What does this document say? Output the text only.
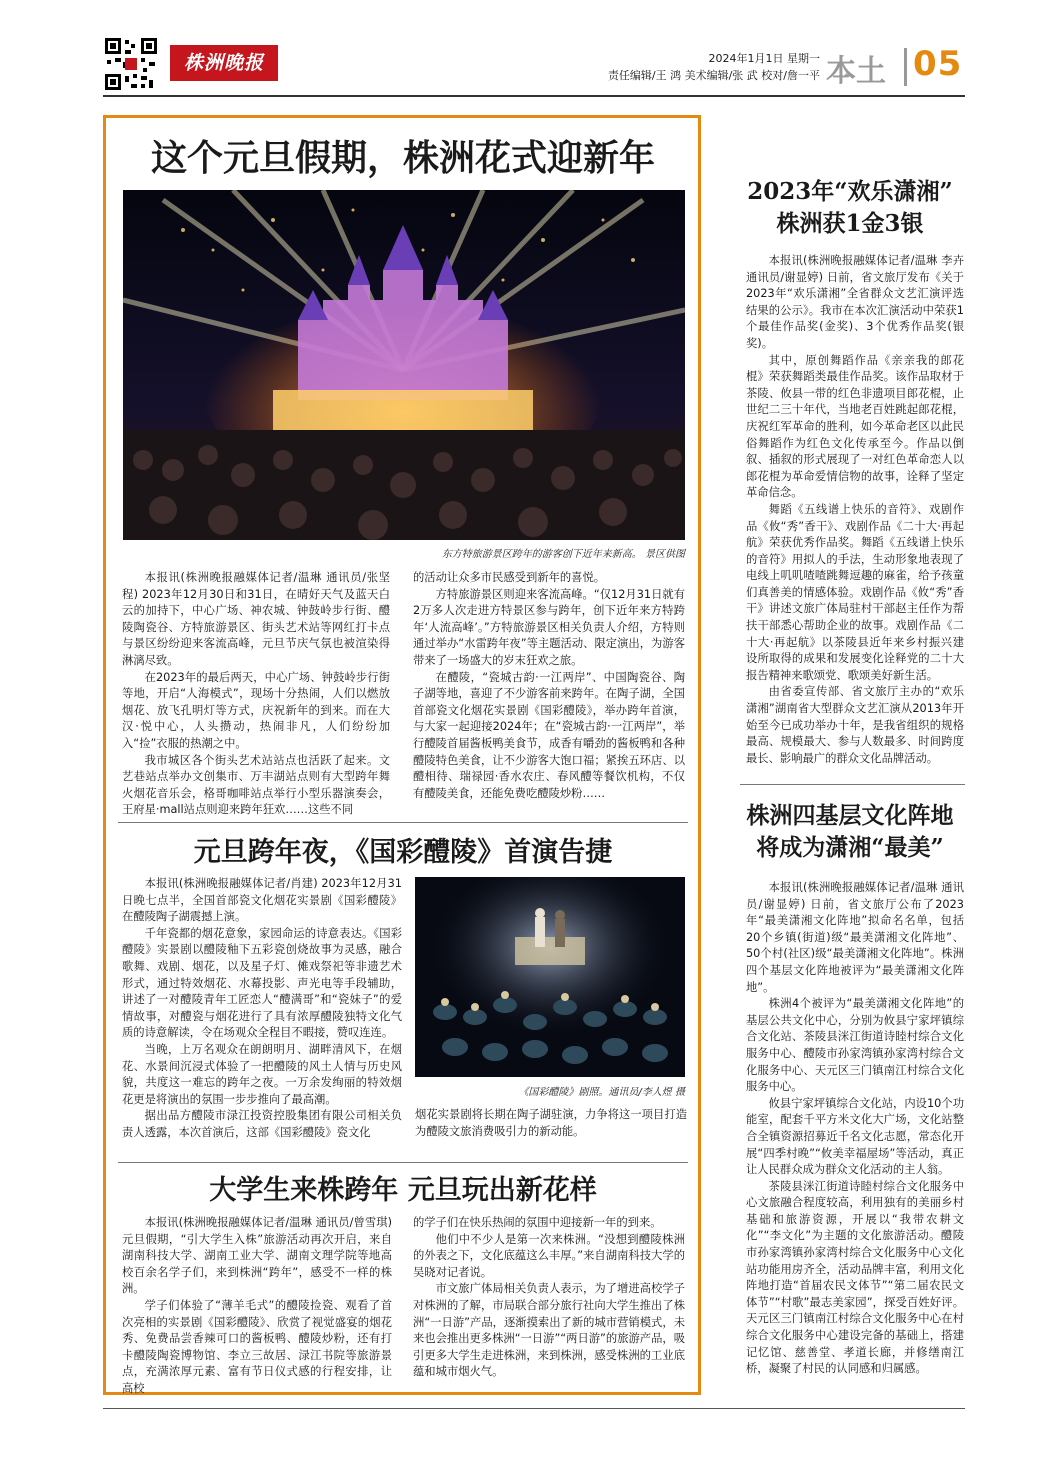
株洲晚报	2024年1月1日 星期一
责任编辑/王 鸿 美术编辑/张 武 校对/詹一平 本土 05
这个元旦假期，株洲花式迎新年
东方特旅游景区跨年的游客创下近年来新高。 景区供图

本报讯(株洲晚报融媒体记者/温琳 通讯员/张坚程) 2023年12月30日和31日，在晴好天气及蓝天白云的加持下，中心广场、神农城、钟鼓岭步行街、醴陵陶瓷谷、方特旅游景区、街头艺术站等网红打卡点与景区纷纷迎来客流高峰，元旦节庆气氛也被渲染得淋漓尽致。

在2023年的最后两天，中心广场、钟鼓岭步行街等地，开启“人海模式”，现场十分热闹，人们以燃放烟花、放飞孔明灯等方式，庆祝新年的到来。而在大汉·悦中心，人头攒动，热闹非凡，人们纷纷加入“捡”衣服的热潮之中。

我市城区各个街头艺术站站点也活跃了起来。文艺巷站点举办文创集市、万丰湖站点则有大型跨年舞火烟花音乐会，格哥咖啡站点举行小型乐器演奏会，王府星·mall站点则迎来跨年狂欢……这些不同

的活动让众多市民感受到新年的喜悦。

方特旅游景区则迎来客流高峰。“仅12月31日就有2万多人次走进方特景区参与跨年，创下近年来方特跨年‘人流高峰’。”方特旅游景区相关负责人介绍，方特则通过举办“水雷跨年夜”等主题活动、限定演出，为游客带来了一场盛大的岁末狂欢之旅。

在醴陵，“瓷城古韵·一江两岸”、中国陶瓷谷、陶子湖等地，喜迎了不少游客前来跨年。在陶子湖，全国首部瓷文化烟花实景剧《国彩醴陵》，举办跨年首演，与大家一起迎接2024年；在“瓷城古韵·一江两岸”，举行醴陵首届酱板鸭美食节，成香有嚼劲的酱板鸭和各种醴陵特色美食，让不少游客大饱口福；紧挨五环店、以醴相待、瑞禄园·香水农庄、春风醴等餐饮机构，不仅有醴陵美食，还能免费吃醴陵炒粉……

元旦跨年夜，《国彩醴陵》首演告捷

本报讯(株洲晚报融媒体记者/肖建) 2023年12月31日晚七点半，全国首部瓷文化烟花实景剧《国彩醴陵》在醴陵陶子湖震撼上演。

千年瓷都的烟花意象，家园命运的诗意表达。《国彩醴陵》实景剧以醴陵釉下五彩瓷创烧故事为灵感，融合歌舞、戏剧、烟花，以及星子灯、傩戏祭祀等非遗艺术形式，通过特效烟花、水幕投影、声光电等手段辅助，讲述了一对醴陵青年工匠恋人“醴满哥”和“瓷妹子”的爱情故事，对醴瓷与烟花进行了具有浓厚醴陵独特文化气质的诗意解读，令在场观众全程目不暇接，赞叹连连。

当晚，上万名观众在朗朗明月、湖畔清风下，在烟花、水景间沉浸式体验了一把醴陵的风土人情与历史风貌，共度这一难忘的跨年之夜。一万余发绚丽的特效烟花更是将演出的氛围一步步推向了最高潮。

据出品方醴陵市渌江投资控股集团有限公司相关负责人透露，本次首演后，这部《国彩醴陵》瓷文化

《国彩醴陵》剧照。通讯员/李人煜 摄

烟花实景剧将长期在陶子湖驻演，力争将这一项目打造为醴陵文旅消费吸引力的新动能。

大学生来株跨年 元旦玩出新花样

本报讯(株洲晚报融媒体记者/温琳 通讯员/曾雪琪) 元旦假期，“引大学生入株”旅游活动再次开启，来自湖南科技大学、湖南工业大学、湖南文理学院等地高校百余名学子们，来到株洲“跨年”，感受不一样的株洲。

学子们体验了“薄羊毛式”的醴陵捡瓷、观看了首次亮相的实景剧《国彩醴陵》、欣赏了视觉盛宴的烟花秀、免费品尝香辣可口的酱板鸭、醴陵炒粉，还有打卡醴陵陶瓷博物馆、李立三故居、渌江书院等旅游景点，充满浓厚元素、富有节日仪式感的行程安排，让高校

的学子们在快乐热闹的氛围中迎接新一年的到来。

他们中不少人是第一次来株洲。“没想到醴陵株洲的外表之下，文化底蕴这么丰厚。”来自湖南科技大学的吴晓对记者说。

市文旅广体局相关负责人表示，为了增进高校学子对株洲的了解，市局联合部分旅行社向大学生推出了株洲“一日游”产品，逐渐摸索出了新的城市营销模式，未来也会推出更多株洲“一日游”“两日游”的旅游产品，吸引更多大学生走进株洲，来到株洲，感受株洲的工业底蕴和城市烟火气。

2023年“欢乐潇湘”
株洲获1金3银

本报讯(株洲晚报融媒体记者/温琳 李卉 通讯员/谢显婷) 日前，省文旅厅发布《关于2023年“欢乐潇湘”全省群众文艺汇演评选结果的公示》。我市在本次汇演活动中荣获1个最佳作品奖(金奖)、3个优秀作品奖(银奖)。

其中，原创舞蹈作品《亲亲我的郎花棍》荣获舞蹈类最佳作品奖。该作品取材于茶陵、攸县一带的红色非遗项目郎花棍，止世纪二三十年代，当地老百姓跳起郎花棍，庆祝红军革命的胜利，如今革命老区以此民俗舞蹈作为红色文化传承至今。作品以倒叙、插叙的形式展现了一对红色革命恋人以郎花棍为革命爱情信物的故事，诠释了坚定革命信念。

舞蹈《五线谱上快乐的音符》、戏剧作品《攸“秀”香干》、戏剧作品《二十大·再起航》荣获优秀作品奖。舞蹈《五线谱上快乐的音符》用拟人的手法，生动形象地表现了电线上叽叽喳喳跳舞逗趣的麻雀，给予孩童们真善美的情感体验。戏剧作品《攸“秀”香干》讲述文旅广体局驻村干部赵主任作为帮扶干部悉心帮助企业的故事。戏剧作品《二十大·再起航》以茶陵县近年来乡村振兴建设所取得的成果和发展变化诠释党的二十大报告精神来歌颂党、歌颂美好新生活。

由省委宣传部、省文旅厅主办的“欢乐潇湘”湖南省大型群众文艺汇演从2013年开始至今已成功举办十年，是我省组织的规格最高、规模最大、参与人数最多、时间跨度最长、影响最广的群众文化品牌活动。

株洲四基层文化阵地
将成为潇湘“最美”

本报讯(株洲晚报融媒体记者/温琳 通讯员/谢显婷) 日前，省文旅厅公布了2023年“最美潇湘文化阵地”拟命名名单，包括20个乡镇(街道)级“最美潇湘文化阵地”、50个村(社区)级“最美潇湘文化阵地”。株洲四个基层文化阵地被评为“最美潇湘文化阵地”。

株洲4个被评为“最美潇湘文化阵地”的基层公共文化中心，分别为攸县宁家坪镇综合文化站、茶陵县洣江街道诗睦村综合文化服务中心、醴陵市孙家湾镇孙家湾村综合文化服务中心、天元区三门镇南江村综合文化服务中心。

攸县宁家坪镇综合文化站，内设10个功能室，配套千平方米文化大广场，文化站整合全镇资源招募近千名文化志愿，常态化开展“四季村晚”“攸美幸福屋场”等活动，真正让人民群众成为群众文化活动的主人翁。

茶陵县洣江街道诗睦村综合文化服务中心文旅融合程度较高，利用独有的美丽乡村基础和旅游资源，开展以“我带农耕文化”“李文化”为主题的文化旅游活动。醴陵市孙家湾镇孙家湾村综合文化服务中心文化站功能用房齐全，活动品牌丰富，利用文化阵地打造“首届农民文体节”“第二届农民文体节”“村歌”最志美家园”，探受百姓好评。天元区三门镇南江村综合文化服务中心在村综合文化服务中心建设完备的基础上，搭建记忆馆、慈善堂、孝道长廊，并修缮南江桥，凝聚了村民的认同感和归属感。
